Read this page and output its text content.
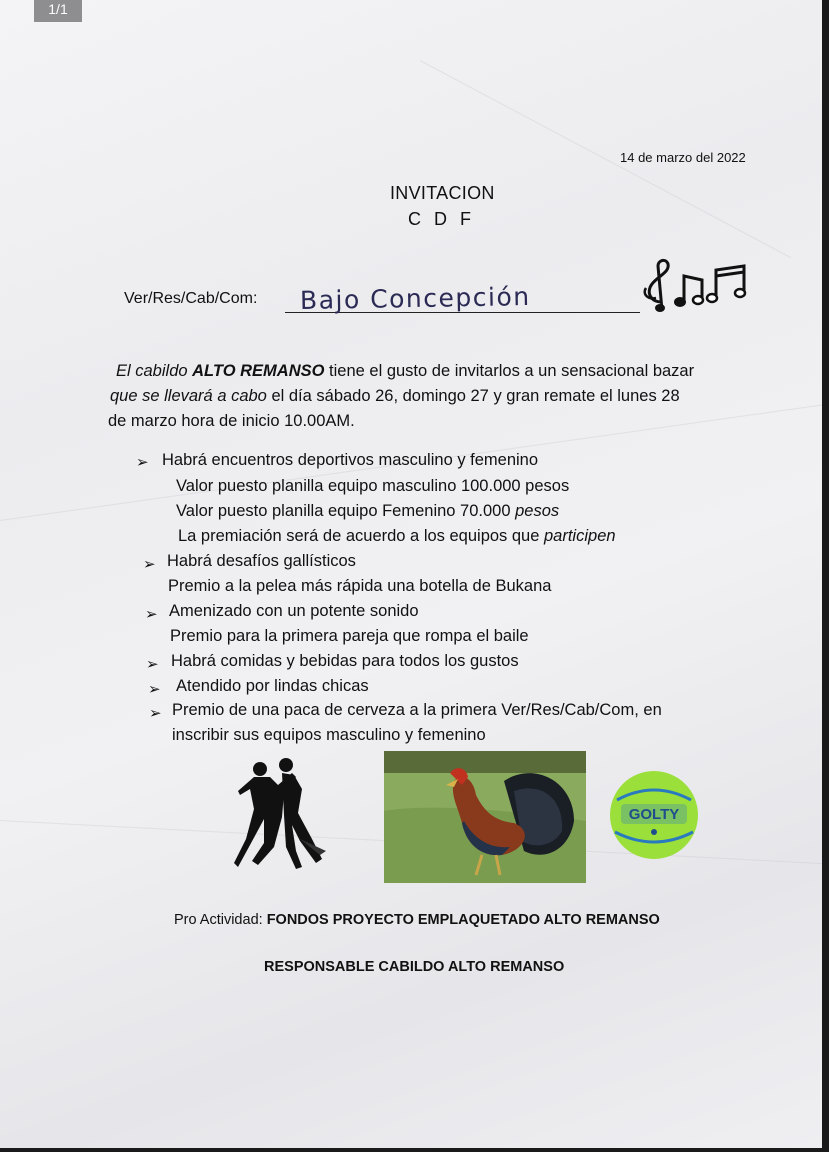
1/1
14 de marzo del 2022
INVITACION
C D F
Ver/Res/Cab/Com: Bajo Concepción
El cabildo ALTO REMANSO tiene el gusto de invitarlos a un sensacional bazar
que se llevará a cabo el día sábado 26, domingo 27 y gran remate el lunes 28
de marzo hora de inicio 10.00AM.
➢ Habrá encuentros deportivos masculino y femenino
Valor puesto planilla equipo masculino 100.000 pesos
Valor puesto planilla equipo Femenino 70.000 pesos
La premiación será de acuerdo a los equipos que participen
➢ Habrá desafíos gallísticos
Premio a la pelea más rápida una botella de Bukana
➢ Amenizado con un potente sonido
Premio para la primera pareja que rompa el baile
➢ Habrá comidas y bebidas para todos los gustos
➢ Atendido por lindas chicas
➢ Premio de una paca de cerveza a la primera Ver/Res/Cab/Com, en
inscribir sus equipos masculino y femenino
GOLTY
Pro Actividad: FONDOS PROYECTO EMPLAQUETADO ALTO REMANSO
RESPONSABLE CABILDO ALTO REMANSO
